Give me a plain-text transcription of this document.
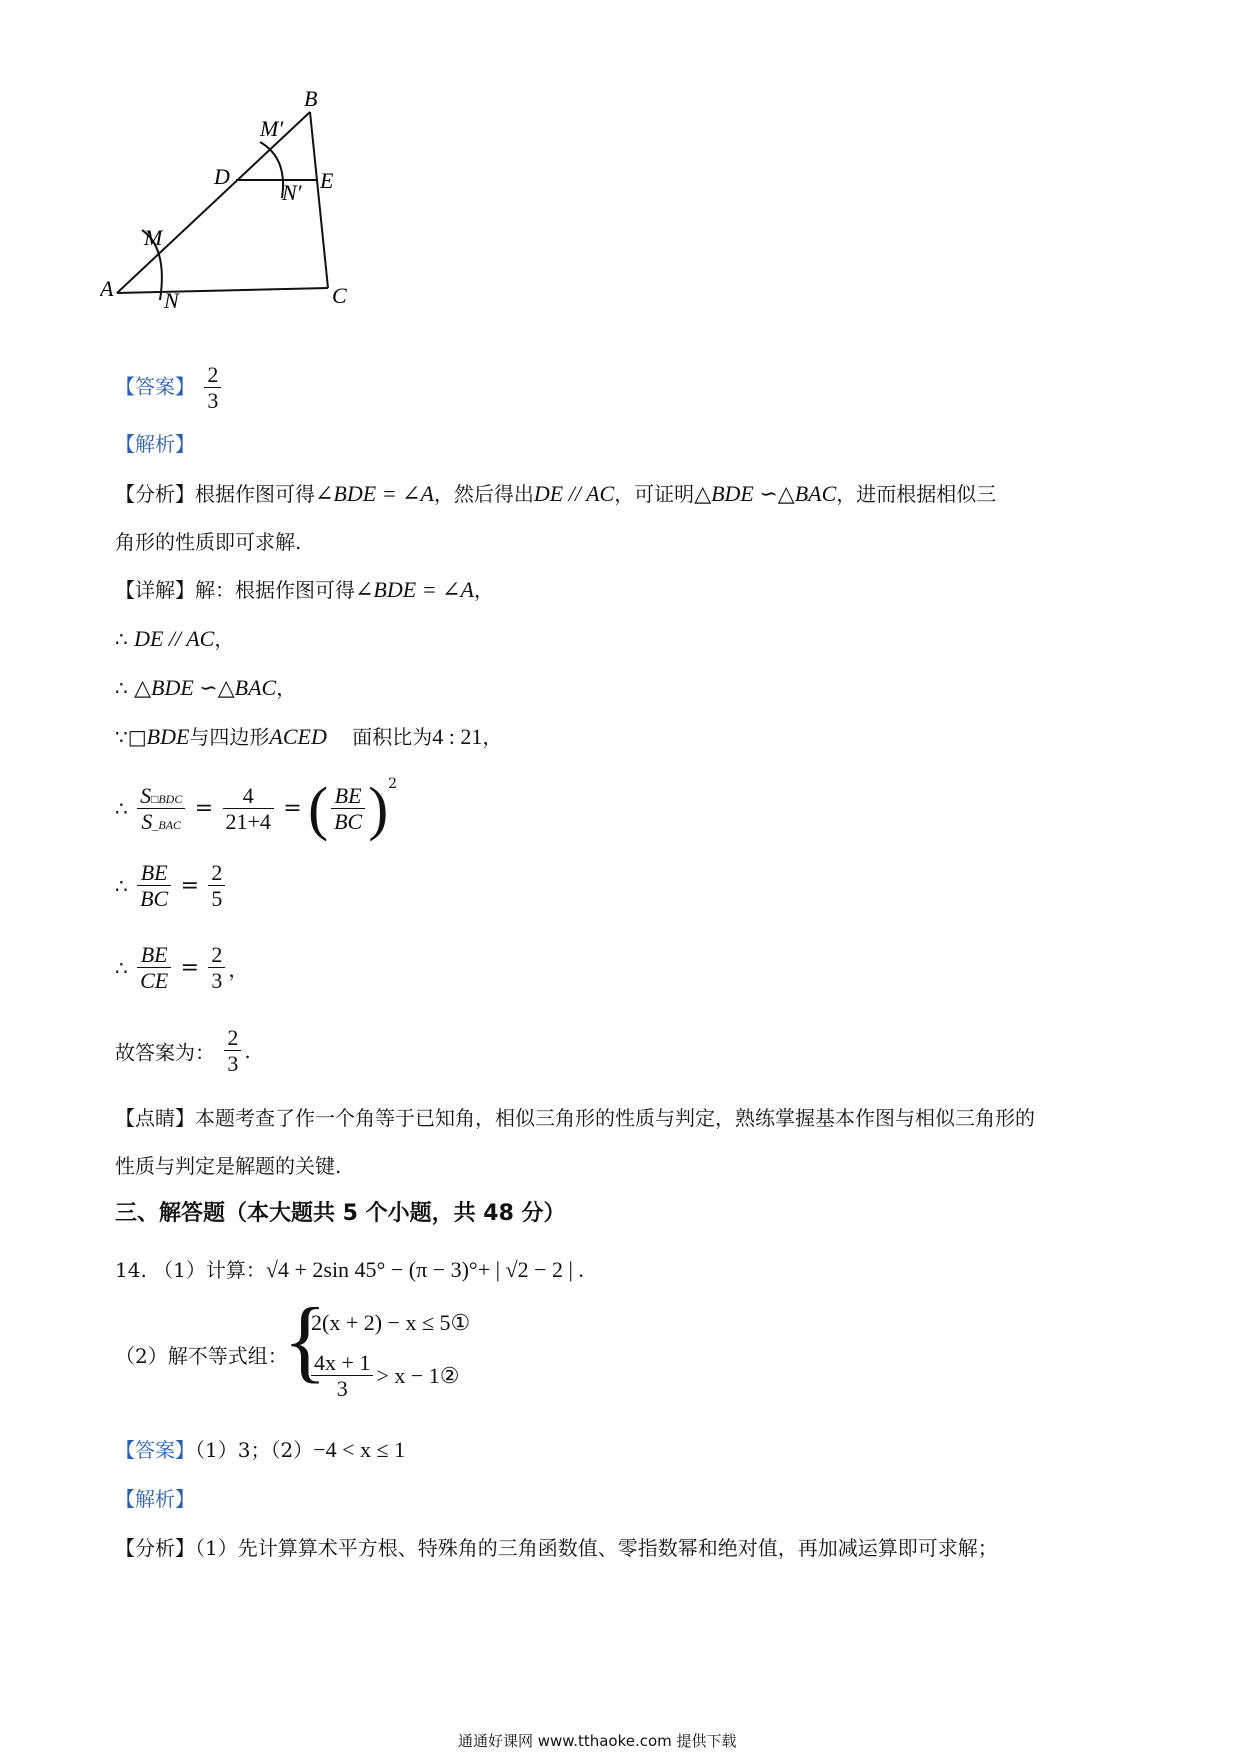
B
M′
D	E
N′
M
A N	C
【答案】 $\frac{2}{3}$
【解析】
【分析】根据作图可得∠BDE = ∠A，然后得出DE // AC，可证明△BDE ∽△BAC，进而根据相似三
角形的性质即可求解.
【详解】解：根据作图可得∠BDE = ∠A，
∴ DE // AC，
∴ △BDE ∽△BAC，
∵□BDE与四边形ACED 面积比为4 : 21，
∴ $\frac{\text{S□BDC}}{\text{S\_BAC}} = \frac{4}{21+4}$ = ( $\frac{BE}{BC} )^2$
∴ $\frac{BE}{BC} = \frac{2}{5}$
∴ $\frac{BE}{CE} = \frac{2}{3}$ ，
故答案为： $\frac{2}{3}$ .
【点睛】本题考查了作一个角等于已知角，相似三角形的性质与判定，熟练掌握基本作图与相似三角形的
性质与判定是解题的关键.
三、解答题（本大题共 5 个小题，共 48 分）
14. （1）计算：√4 + 2sin 45° − (π − 3)°+ | √2 − 2 | .
（2）解不等式组：
{
2(x + 2) − x ≤ 5①
$\frac{4x + 1}{3} > x$ − 1②
【答案】（1）3；（2）−4 < x ≤ 1
【解析】
【分析】（1）先计算算术平方根、特殊角的三角函数值、零指数幂和绝对值，再加减运算即可求解；
通通好课网 www.tthaoke.com 提供下载
